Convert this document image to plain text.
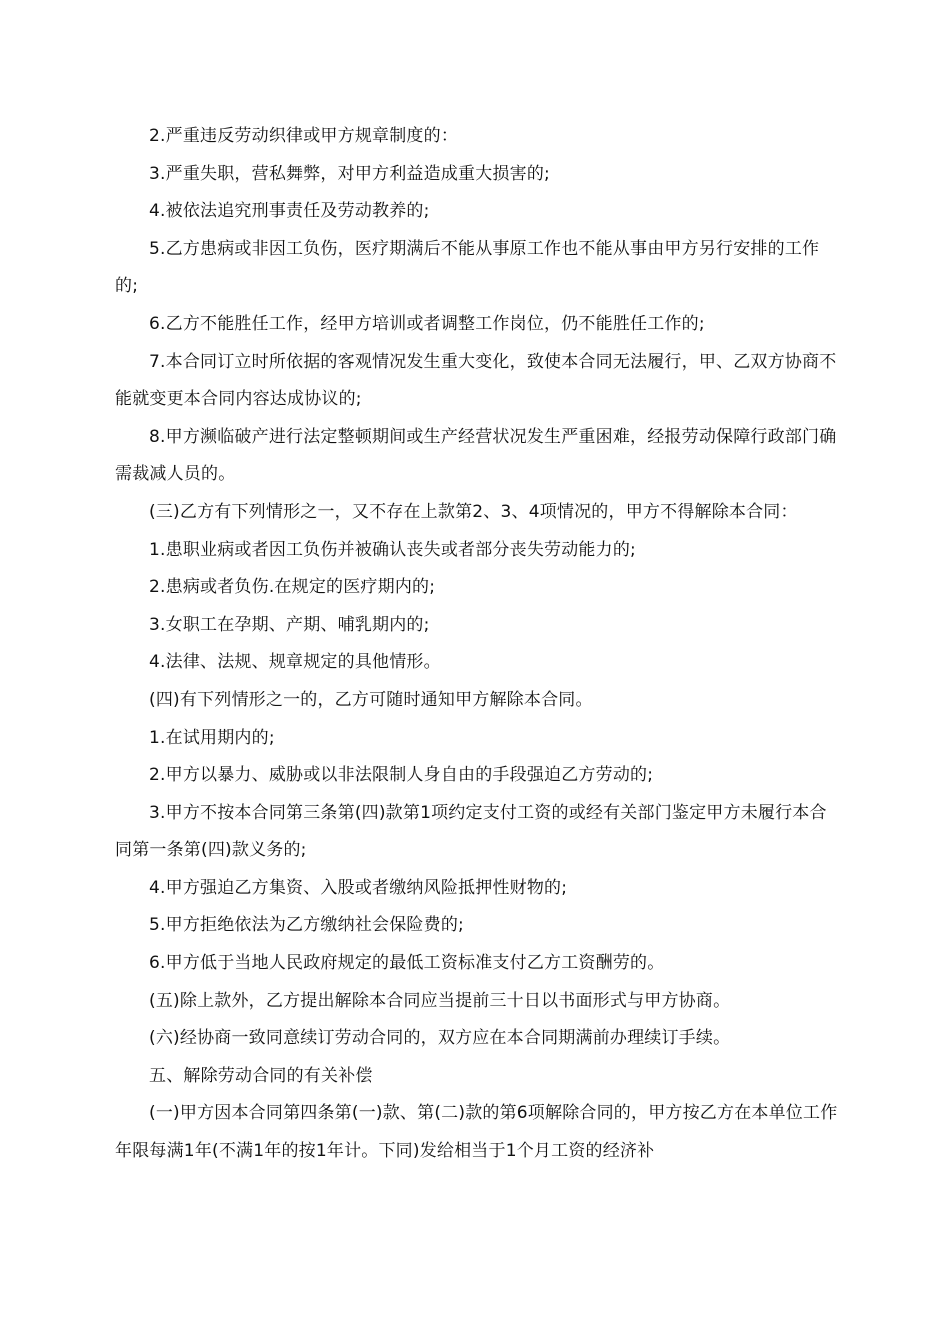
2.严重违反劳动织律或甲方规章制度的：

3.严重失职，营私舞弊，对甲方利益造成重大损害的;

4.被依法追究刑事责任及劳动教养的;

5.乙方患病或非因工负伤，医疗期满后不能从事原工作也不能从事由甲方另行安排的工作的;

6.乙方不能胜任工作，经甲方培训或者调整工作岗位，仍不能胜任工作的;

7.本合同订立时所依据的客观情况发生重大变化，致使本合同无法履行，甲、乙双方协商不能就变更本合同内容达成协议的;

8.甲方濒临破产进行法定整顿期间或生产经营状况发生严重困难，经报劳动保障行政部门确需裁减人员的。

(三)乙方有下列情形之一，又不存在上款第2、3、4项情况的，甲方不得解除本合同：

1.患职业病或者因工负伤并被确认丧失或者部分丧失劳动能力的;

2.患病或者负伤.在规定的医疗期内的;

3.女职工在孕期、产期、哺乳期内的;

4.法律、法规、规章规定的具他情形。

(四)有下列情形之一的，乙方可随时通知甲方解除本合同。

1.在试用期内的;

2.甲方以暴力、威胁或以非法限制人身自由的手段强迫乙方劳动的;

3.甲方不按本合同第三条第(四)款第1项约定支付工资的或经有关部门鉴定甲方未履行本合同第一条第(四)款义务的;

4.甲方强迫乙方集资、入股或者缴纳风险抵押性财物的;

5.甲方拒绝依法为乙方缴纳社会保险费的;

6.甲方低于当地人民政府规定的最低工资标准支付乙方工资酬劳的。

(五)除上款外，乙方提出解除本合同应当提前三十日以书面形式与甲方协商。

(六)经协商一致同意续订劳动合同的，双方应在本合同期满前办理续订手续。

五、解除劳动合同的有关补偿

(一)甲方因本合同第四条第(一)款、第(二)款的第6项解除合同的，甲方按乙方在本单位工作年限每满1年(不满1年的按1年计。下同)发给相当于1个月工资的经济补
